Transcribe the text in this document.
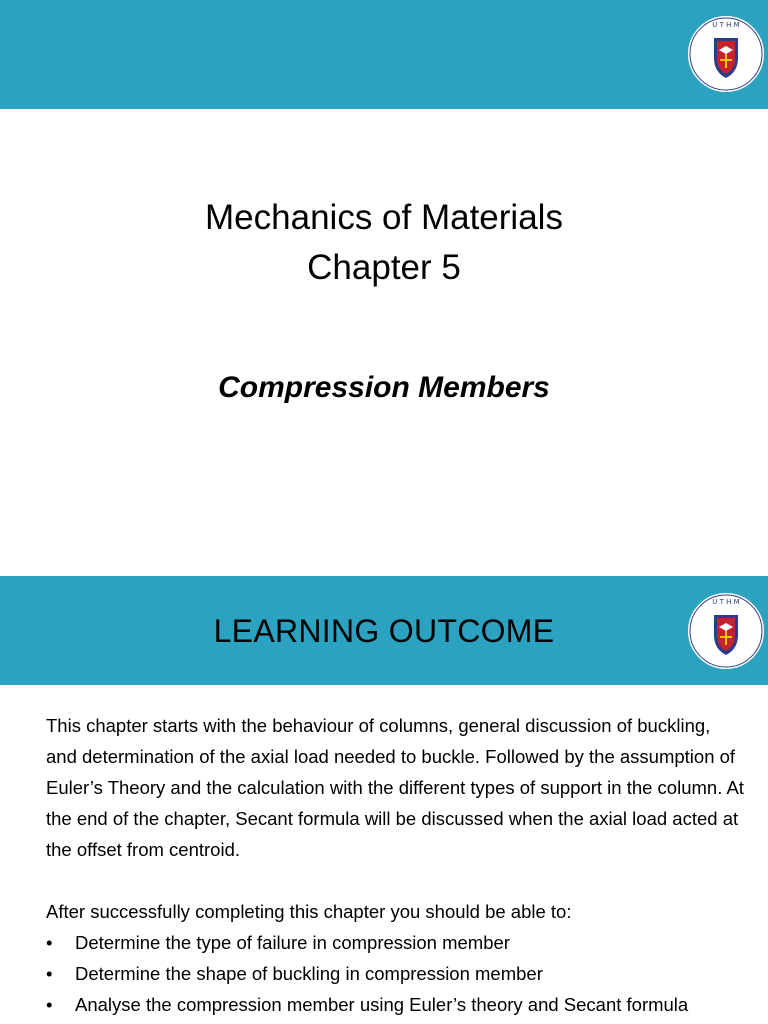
U T H M
Mechanics of Materials
Chapter 5
Compression Members
LEARNING OUTCOME
U T H M

This chapter starts with the behaviour of columns, general discussion of buckling, and determination of the axial load needed to buckle. Followed by the assumption of Euler’s Theory and the calculation with the different types of support in the column. At the end of the chapter, Secant formula will be discussed when the axial load acted at the offset from centroid.

After successfully completing this chapter you should be able to:

• Determine the type of failure in compression member
• Determine the shape of buckling in compression member
• Analyse the compression member using Euler’s theory and Secant formula
